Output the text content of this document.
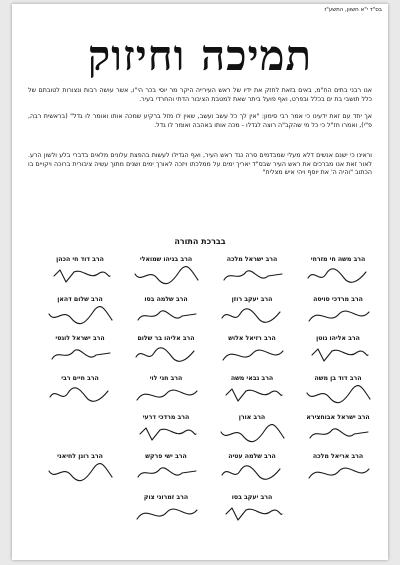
בס"ד י"א חשוון, התשע"ז
תמיכה וחיזוק

אנו רבני בתים הח"מ, באים בזאת לחזק את ידיו של ראש העירייה היקר מר יוסי בכר הי"ו, אשר עושה רבות ונצורות לטובתם של כלל תושבי בת ים בכלל ובפרט, ואף פועל ביתר שאת למטבת הציבור הדתי והחרדי בעיר.

אך יחד עם זאת ידעינו כי אמר רבי סימון: "אין לך כל עשב ועשב, שאין לו מזל ברקיע שמכה אותו ואומר לו גדל" (בראשית רבה, פ"י), ואמרו חז"ל כי כל מי שהקב"ה רוצה לגדלו - מכה אותו באהבה ואומר לו גדל.

וראינו כי ישנם אנשים דלא מעלי שמבדמים סרה נגד ראש העיר, ואף הגדילו לעשות בהפצת עלונים מלאים בדברי בלע ולשון הרע. לאור זאת אנו מברכים את ראש העיר שבס"ד יאריך ימים על ממלכתו ויזכה לאורך ימים ושנים מתוך עשיה ציבורית ברוכה ויקויים בו הכתוב "והיה ה' את יוסף ויהי איש מצליח"

בברכת התורה
הרב משה חי מזרחי
הרב ישראל מלכה
הרב בניהו שמואלי
הרב דוד חי הכהן
הרב מרדכי סויסה
הרב יעקב רוזן
הרב שלמה בסו
הרב שלום דהאן
הרב אליהו גוטן
הרב רזיאל אלוש
הרב אליהו בר שלום
הרב ישראל לוגסי
הרב דוד בן משה
הרב גבאי משה
הרב חגי לוי
הרב חיים רבי
הרב ישראל אבוחצירא
הרב אורן
הרב מרדכי דרעי
הרב אריאל מלכה
הרב שלמה עטיה
הרב ישי פרקש
הרב רונן לחיאני
הרב יעקב בסו
הרב זמרוני צוק
